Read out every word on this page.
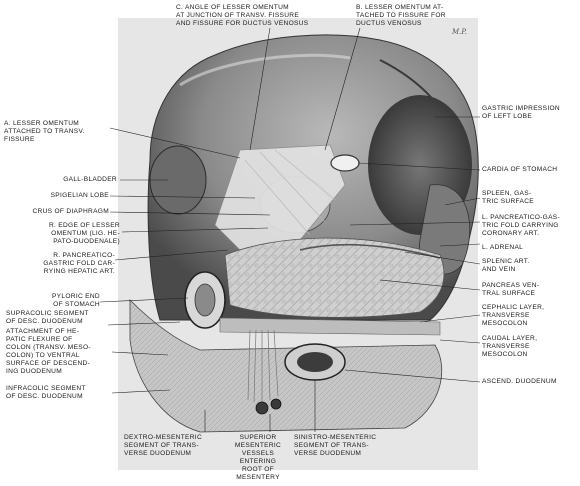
M.P.
C. ANGLE OF LESSER OMENTUM
AT JUNCTION OF TRANSV. FISSURE
AND FISSURE FOR DUCTUS VENOSUS
B. LESSER OMENTUM AT-
TACHED TO FISSURE FOR
DUCTUS VENOSUS
A. LESSER OMENTUM
ATTACHED TO TRANSV.
FISSURE
GALL-BLADDER
SPIGELIAN LOBE
CRUS OF DIAPHRAGM
R. EDGE OF LESSER
OMENTUM (LIG. HE-
PATO-DUODENALE)
R. PANCREATICO-
GASTRIC FOLD CAR-
RYING HEPATIC ART.
PYLORIC END
OF STOMACH
SUPRACOLIC SEGMENT
OF DESC. DUODENUM
ATTACHMENT OF HE-
PATIC FLEXURE OF
COLON (TRANSV. MESO-
COLON) TO VENTRAL
SURFACE OF DESCEND-
ING DUODENUM
INFRACOLIC SEGMENT
OF DESC. DUODENUM
GASTRIC IMPRESSION
OF LEFT LOBE
CARDIA OF STOMACH
SPLEEN, GAS-
TRIC SURFACE
L. PANCREATICO-GAS-
TRIC FOLD CARRYING
CORONARY ART.
L. ADRENAL
SPLENIC ART.
AND VEIN
PANCREAS VEN-
TRAL SURFACE
CEPHALIC LAYER,
TRANSVERSE
MESOCOLON
CAUDAL LAYER,
TRANSVERSE
MESOCOLON
ASCEND. DUODENUM
DEXTRO-MESENTERIC
SEGMENT OF TRANS-
VERSE DUODENUM
SUPERIOR
MESENTERIC
VESSELS
ENTERING
ROOT OF
MESENTERY
SINISTRO-MESENTERIC
SEGMENT OF TRANS-
VERSE DUODENUM
